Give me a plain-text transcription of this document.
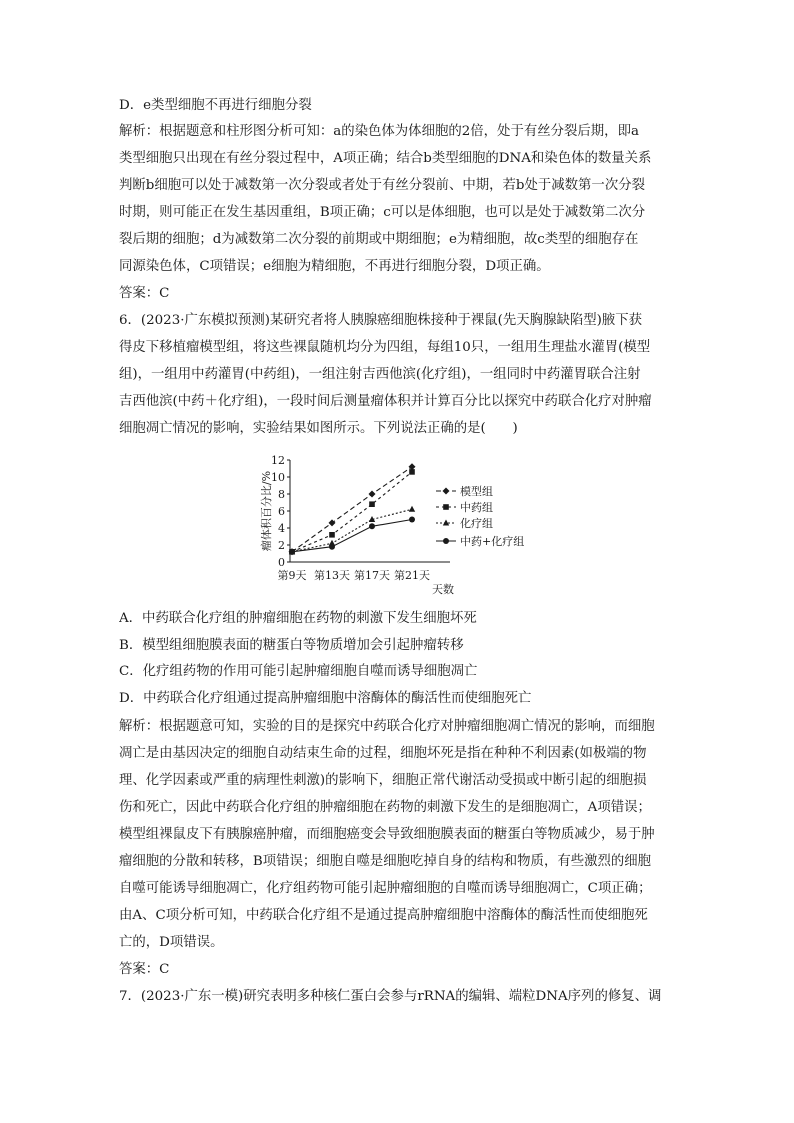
D．e类型细胞不再进行细胞分裂
解析：根据题意和柱形图分析可知：a的染色体为体细胞的2倍，处于有丝分裂后期，即a
类型细胞只出现在有丝分裂过程中，A项正确；结合b类型细胞的DNA和染色体的数量关系
判断b细胞可以处于减数第一次分裂或者处于有丝分裂前、中期，若b处于减数第一次分裂
时期，则可能正在发生基因重组，B项正确；c可以是体细胞，也可以是处于减数第二次分
裂后期的细胞；d为减数第二次分裂的前期或中期细胞；e为精细胞，故c类型的细胞存在
同源染色体，C项错误；e细胞为精细胞，不再进行细胞分裂，D项正确。
答案：C
6．(2023·广东模拟预测)某研究者将人胰腺癌细胞株接种于裸鼠(先天胸腺缺陷型)腋下获
得皮下移植瘤模型组，将这些裸鼠随机均分为四组，每组10只，一组用生理盐水灌胃(模型
组)，一组用中药灌胃(中药组)，一组注射吉西他滨(化疗组)，一组同时中药灌胃联合注射
吉西他滨(中药＋化疗组)，一段时间后测量瘤体积并计算百分比以探究中药联合化疗对肿瘤
细胞凋亡情况的影响，实验结果如图所示。下列说法正确的是(　　)
瘤体积百分比/%
0
2
4
6
8
10
12
第9天 第13天 第17天 第21天
天数
模型组
中药组
化疗组
中药+化疗组
A．中药联合化疗组的肿瘤细胞在药物的刺激下发生细胞坏死
B．模型组细胞膜表面的糖蛋白等物质增加会引起肿瘤转移
C．化疗组药物的作用可能引起肿瘤细胞自噬而诱导细胞凋亡
D．中药联合化疗组通过提高肿瘤细胞中溶酶体的酶活性而使细胞死亡
解析：根据题意可知，实验的目的是探究中药联合化疗对肿瘤细胞凋亡情况的影响，而细胞
凋亡是由基因决定的细胞自动结束生命的过程，细胞坏死是指在种种不利因素(如极端的物
理、化学因素或严重的病理性刺激)的影响下，细胞正常代谢活动受损或中断引起的细胞损
伤和死亡，因此中药联合化疗组的肿瘤细胞在药物的刺激下发生的是细胞凋亡，A项错误；
模型组裸鼠皮下有胰腺癌肿瘤，而细胞癌变会导致细胞膜表面的糖蛋白等物质减少，易于肿
瘤细胞的分散和转移，B项错误；细胞自噬是细胞吃掉自身的结构和物质，有些激烈的细胞
自噬可能诱导细胞凋亡，化疗组药物可能引起肿瘤细胞的自噬而诱导细胞凋亡，C项正确；
由A、C项分析可知，中药联合化疗组不是通过提高肿瘤细胞中溶酶体的酶活性而使细胞死
亡的，D项错误。
答案：C
7．(2023·广东一模)研究表明多种核仁蛋白会参与rRNA的编辑、端粒DNA序列的修复、调
